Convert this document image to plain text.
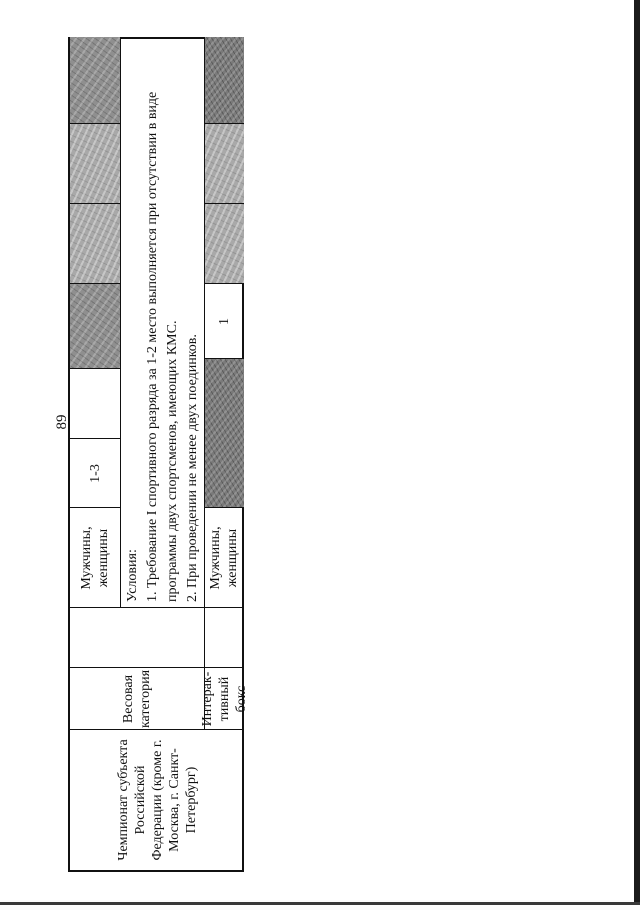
89
Чемпионат субъекта Российской Федерации (кроме г. Москва, г. Санкт-Петербург)
Весовая категория	Интерак-тивный бокс
Мужчины, женщины
1-3
Мужчины, женщины
1
Условия: 1. Требование I спортивного разряда за 1-2 место выполняется при отсутствии в виде программы двух спортсменов, имеющих КМС. 2. При проведении не менее двух поединков.
